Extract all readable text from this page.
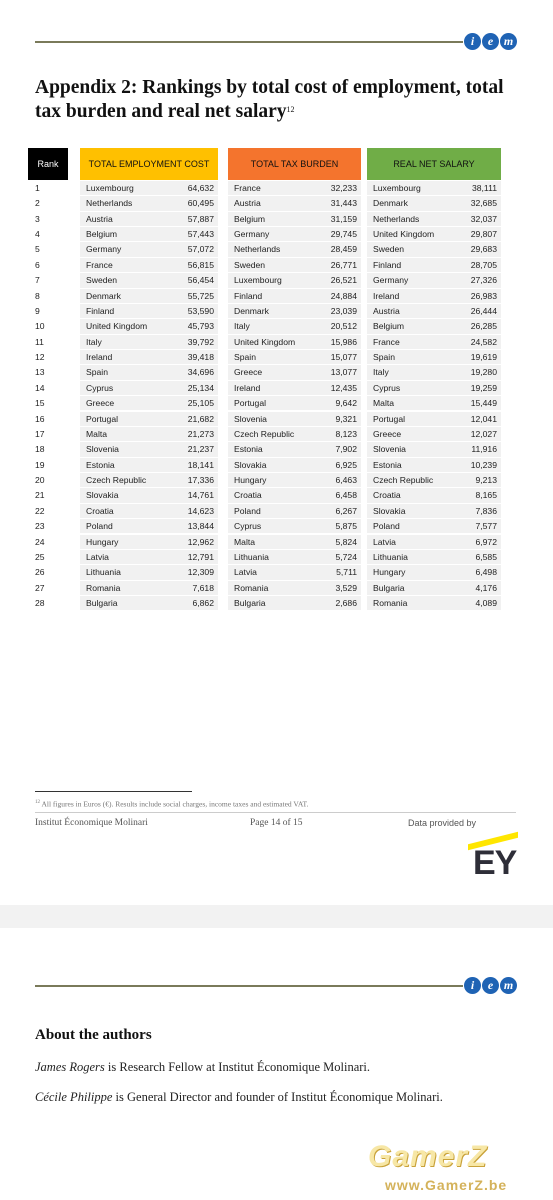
i	e m
Appendix 2: Rankings by total cost of employment, total tax burden and real net salary$^{12}$
Rank	TOTAL EMPLOYMENT COST	TOTAL TAX BURDEN	REAL NET SALARY
1	Luxembourg	64,632 France	32,233 Luxembourg	38,111
2	Netherlands	60,495 Austria	31,443 Denmark	32,685
3	Austria	57,887 Belgium	31,159 Netherlands	32,037
4	Belgium	57,443 Germany	29,745 United Kingdom	29,807
5	Germany	57,072 Netherlands	28,459 Sweden	29,683
6	France	56,815 Sweden	26,771 Finland	28,705
7	Sweden	56,454 Luxembourg	26,521 Germany	27,326
8	Denmark	55,725 Finland	24,884 Ireland	26,983
9	Finland	53,590 Denmark	23,039 Austria	26,444
10	United Kingdom	45,793 Italy	20,512 Belgium	26,285
11	Italy	39,792 United Kingdom	15,986 France	24,582
12	Ireland	39,418 Spain	15,077 Spain	19,619
13	Spain	34,696 Greece	13,077 Italy	19,280
14	Cyprus	25,134 Ireland	12,435 Cyprus	19,259
15	Greece	25,105 Portugal	9,642 Malta	15,449
16	Portugal	21,682 Slovenia	9,321 Portugal	12,041
17	Malta	21,273 Czech Republic	8,123 Greece	12,027
18	Slovenia	21,237 Estonia	7,902 Slovenia	11,916
19	Estonia	18,141 Slovakia	6,925 Estonia	10,239
20	Czech Republic	17,336 Hungary	6,463 Czech Republic	9,213
21	Slovakia	14,761 Croatia	6,458 Croatia	8,165
22	Croatia	14,623 Poland	6,267 Slovakia	7,836
23	Poland	13,844 Cyprus	5,875 Poland	7,577
24	Hungary	12,962 Malta	5,824 Latvia	6,972
25	Latvia	12,791 Lithuania	5,724 Lithuania	6,585
26	Lithuania	12,309 Latvia	5,711 Hungary	6,498
27	Romania	7,618 Romania	3,529 Bulgaria	4,176
28	Bulgaria	6,862 Bulgaria	2,686 Romania	4,089
$^{12}$ All figures in Euros (€). Results include social charges, income taxes and estimated VAT.
Institut Économique Molinari	Page 14 of 15	Data provided by
EY
i	e m
About the authors
James Rogers is Research Fellow at Institut Économique Molinari.
Cécile Philippe is General Director and founder of Institut Économique Molinari.
GamerZ
www.GamerZ.be
